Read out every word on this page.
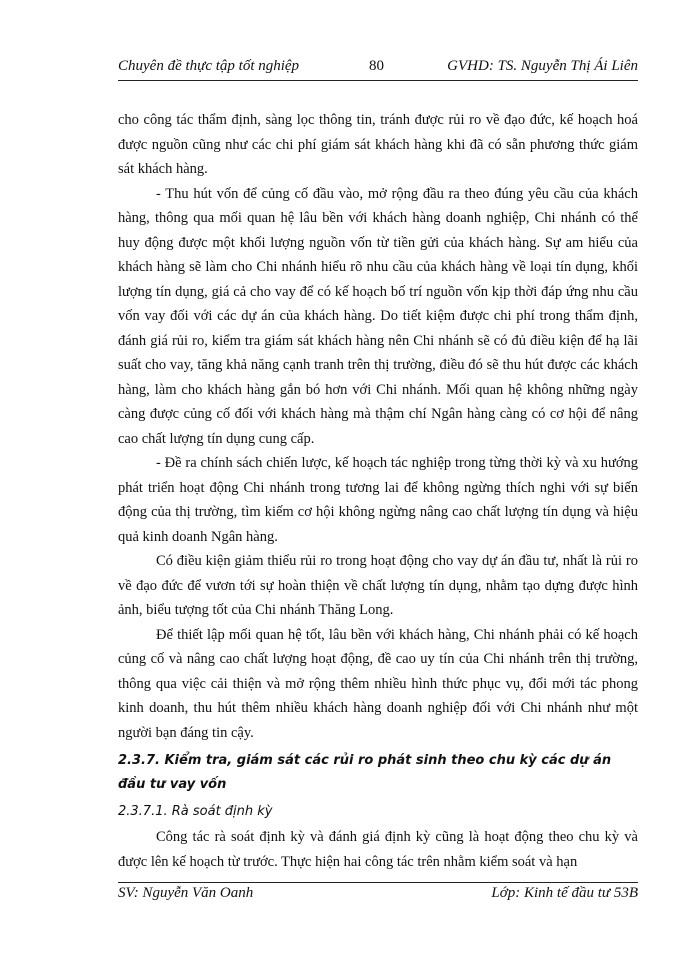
Chuyên đề thực tập tốt nghiệp	80	GVHD: TS. Nguyễn Thị Ái Liên

cho công tác thẩm định, sàng lọc thông tin, tránh được rủi ro về đạo đức, kế hoạch hoá được nguồn cũng như các chi phí giám sát khách hàng khi đã có sẵn phương thức giám sát khách hàng.

- Thu hút vốn để củng cố đầu vào, mở rộng đầu ra theo đúng yêu cầu của khách hàng, thông qua mối quan hệ lâu bền với khách hàng doanh nghiệp, Chi nhánh có thể huy động được một khối lượng nguồn vốn từ tiền gửi của khách hàng. Sự am hiểu của khách hàng sẽ làm cho Chi nhánh hiểu rõ nhu cầu của khách hàng về loại tín dụng, khối lượng tín dụng, giá cả cho vay để có kế hoạch bố trí nguồn vốn kịp thời đáp ứng nhu cầu vốn vay đối với các dự án của khách hàng. Do tiết kiệm được chi phí trong thẩm định, đánh giá rủi ro, kiểm tra giám sát khách hàng nên Chi nhánh sẽ có đủ điều kiện để hạ lãi suất cho vay, tăng khả năng cạnh tranh trên thị trường, điều đó sẽ thu hút được các khách hàng, làm cho khách hàng gắn bó hơn với Chi nhánh. Mối quan hệ không những ngày càng được củng cố đối với khách hàng mà thậm chí Ngân hàng càng có cơ hội để nâng cao chất lượng tín dụng cung cấp.

- Đề ra chính sách chiến lược, kế hoạch tác nghiệp trong từng thời kỳ và xu hướng phát triển hoạt động Chi nhánh trong tương lai để không ngừng thích nghi với sự biến động của thị trường, tìm kiếm cơ hội không ngừng nâng cao chất lượng tín dụng và hiệu quả kinh doanh Ngân hàng.

Có điều kiện giảm thiểu rủi ro trong hoạt động cho vay dự án đầu tư, nhất là rủi ro về đạo đức để vươn tới sự hoàn thiện về chất lượng tín dụng, nhằm tạo dựng được hình ảnh, biểu tượng tốt của Chi nhánh Thăng Long.

Để thiết lập mối quan hệ tốt, lâu bền với khách hàng, Chi nhánh phải có kế hoạch củng cố và nâng cao chất lượng hoạt động, đề cao uy tín của Chi nhánh trên thị trường, thông qua việc cải thiện và mở rộng thêm nhiều hình thức phục vụ, đổi mới tác phong kinh doanh, thu hút thêm nhiều khách hàng doanh nghiệp đối với Chi nhánh như một người bạn đáng tin cậy.

2.3.7. Kiểm tra, giám sát các rủi ro phát sinh theo chu kỳ các dự án đầu tư vay vốn
2.3.7.1. Rà soát định kỳ

Công tác rà soát định kỳ và đánh giá định kỳ cũng là hoạt động theo chu kỳ và được lên kế hoạch từ trước. Thực hiện hai công tác trên nhằm kiểm soát và hạn

SV: Nguyễn Văn Oanh	Lớp: Kinh tế đầu tư 53B
